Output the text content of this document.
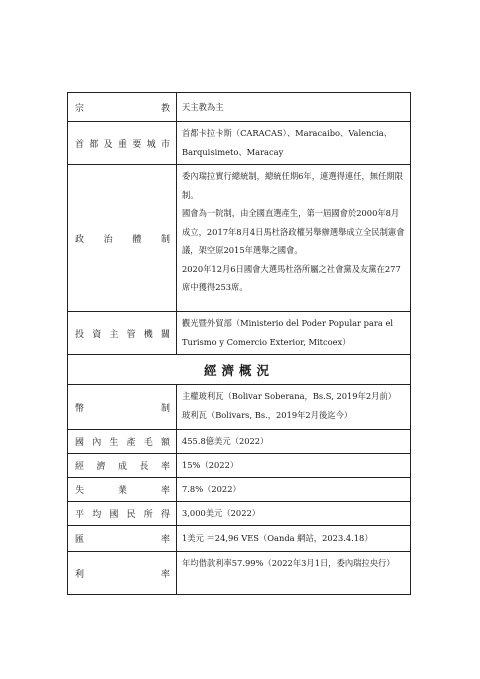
宗教 天主教為主

首都及重要城市

首都卡拉卡斯（CARACAS）、Maracaibo、Valencia、Barquisimeto、Maracay

政治體制

委內瑞拉實行總統制，總統任期6年，連選得連任，無任期限制。

國會為一院制，由全國直選產生，第一屆國會於2000年8月成立，2017年8月4日馬杜洛政權另舉辦選舉成立全民制憲會議，架空原2015年選舉之國會。

2020年12月6日國會大選馬杜洛所屬之社會黨及友黨在277席中獲得253席。

投資主管機關

觀光暨外貿部（Ministerio del Poder Popular para el Turismo y Comercio Exterior, Mitcoex）

經濟概況
幣制

主權玻利瓦（Bolivar Soberana，Bs.S, 2019年2月前）

玻利瓦（Bolivars, Bs.，2019年2月後迄今）

國內生產毛額 455.8億美元（2022）

經濟成長率 15%（2022）

失業率 7.8%（2022）

平均國民所得 3,000美元（2022）

匯率 1美元 ＝24,96 VES（Oanda 網站，2023.4.18）

利率

年均借款利率57.99%（2022年3月1日，委內瑞拉央行）
